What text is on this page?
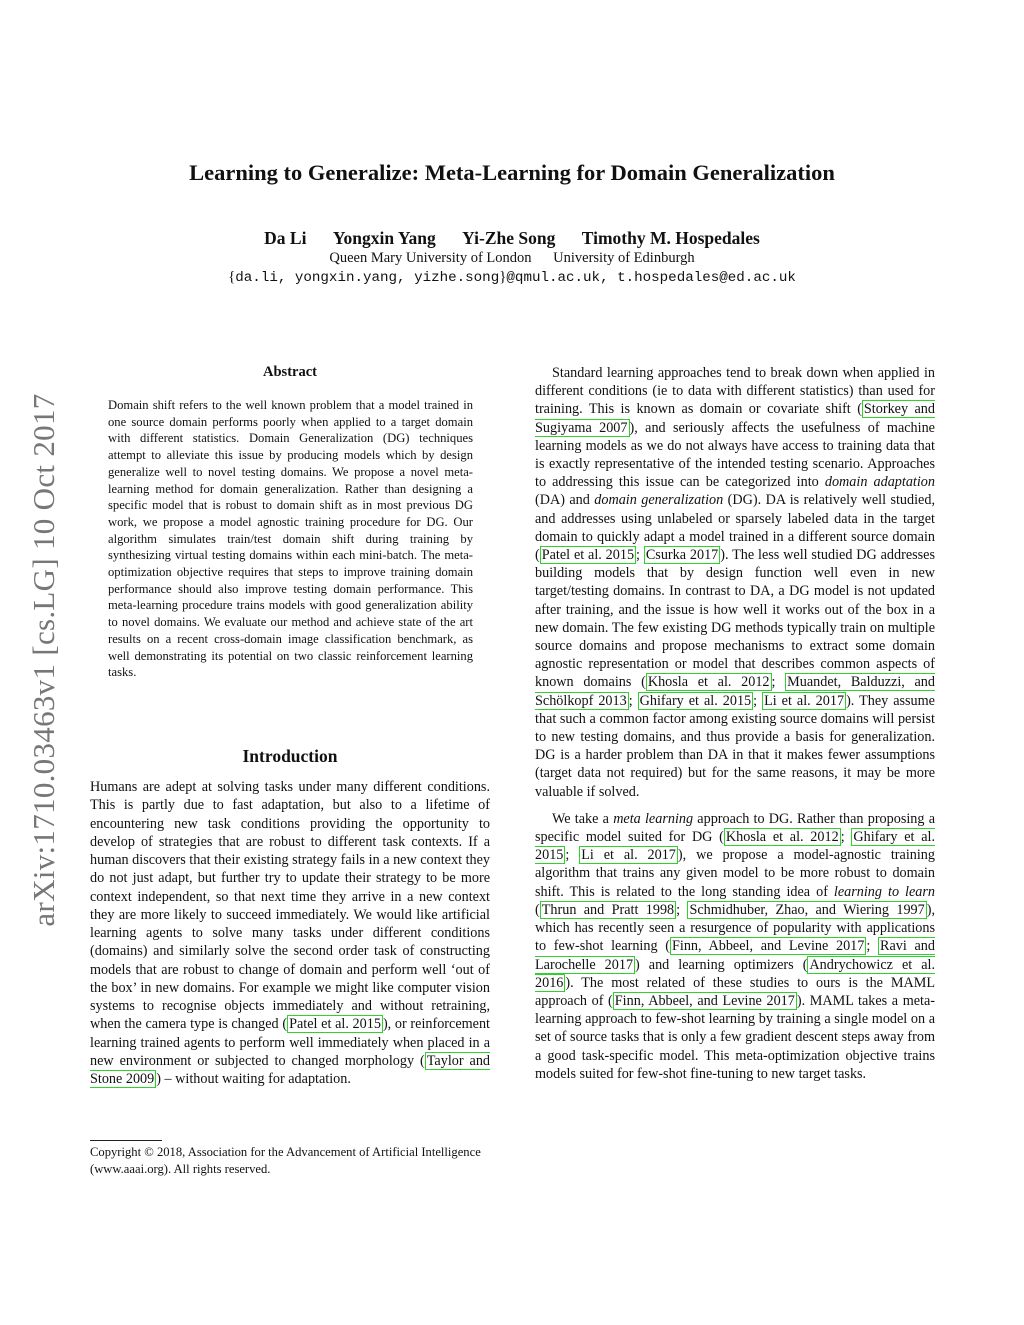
arXiv:1710.03463v1 [cs.LG] 10 Oct 2017
Learning to Generalize: Meta-Learning for Domain Generalization
Da Li Yongxin Yang Yi-Zhe Song Timothy M. Hospedales
Queen Mary University of London University of Edinburgh
{da.li, yongxin.yang, yizhe.song}@qmul.ac.uk, t.hospedales@ed.ac.uk
Abstract

Domain shift refers to the well known problem that a model trained in one source domain performs poorly when applied to a target domain with different statistics. Domain Generalization (DG) techniques attempt to alleviate this issue by producing models which by design generalize well to novel testing domains. We propose a novel meta-learning method for domain generalization. Rather than designing a specific model that is robust to domain shift as in most previous DG work, we propose a model agnostic training procedure for DG. Our algorithm simulates train/test domain shift during training by synthesizing virtual testing domains within each mini-batch. The meta-optimization objective requires that steps to improve training domain performance should also improve testing domain performance. This meta-learning procedure trains models with good generalization ability to novel domains. We evaluate our method and achieve state of the art results on a recent cross-domain image classification benchmark, as well demonstrating its potential on two classic reinforcement learning tasks.

Introduction

Humans are adept at solving tasks under many different conditions. This is partly due to fast adaptation, but also to a lifetime of encountering new task conditions providing the opportunity to develop of strategies that are robust to different task contexts. If a human discovers that their existing strategy fails in a new context they do not just adapt, but further try to update their strategy to be more context independent, so that next time they arrive in a new context they are more likely to succeed immediately. We would like artificial learning agents to solve many tasks under different conditions (domains) and similarly solve the second order task of constructing models that are robust to change of domain and perform well ‘out of the box’ in new domains. For example we might like computer vision systems to recognise objects immediately and without retraining, when the camera type is changed ( Patel et al. 2015 ), or reinforcement learning trained agents to perform well immediately when placed in a new environment or subjected to changed morphology ( Taylor and Stone 2009 ) – without waiting for adaptation.

Copyright © 2018, Association for the Advancement of Artificial Intelligence (www.aaai.org). All rights reserved.

Standard learning approaches tend to break down when applied in different conditions (ie to data with different statistics) than used for training. This is known as domain or covariate shift ( Storkey and Sugiyama 2007 ), and seriously affects the usefulness of machine learning models as we do not always have access to training data that is exactly representative of the intended testing scenario. Approaches to addressing this issue can be categorized into domain adaptation (DA) and domain generalization (DG). DA is relatively well studied, and addresses using unlabeled or sparsely labeled data in the target domain to quickly adapt a model trained in a different source domain ( Patel et al. 2015 ; Csurka 2017 ). The less well studied DG addresses building models that by design function well even in new target/testing domains. In contrast to DA, a DG model is not updated after training, and the issue is how well it works out of the box in a new domain. The few existing DG methods typically train on multiple source domains and propose mechanisms to extract some domain agnostic representation or model that describes common aspects of known domains ( Khosla et al. 2012 ; Muandet, Balduzzi, and Schölkopf 2013 ; Ghifary et al. 2015 ; Li et al. 2017 ). They assume that such a common factor among existing source domains will persist to new testing domains, and thus provide a basis for generalization. DG is a harder problem than DA in that it makes fewer assumptions (target data not required) but for the same reasons, it may be more valuable if solved.

We take a meta learning approach to DG. Rather than proposing a specific model suited for DG ( Khosla et al. 2012 ; Ghifary et al. 2015 ; Li et al. 2017 ), we propose a model-agnostic training algorithm that trains any given model to be more robust to domain shift. This is related to the long standing idea of learning to learn ( Thrun and Pratt 1998 ; Schmidhuber, Zhao, and Wiering 1997 ), which has recently seen a resurgence of popularity with applications to few-shot learning ( Finn, Abbeel, and Levine 2017 ; Ravi and Larochelle 2017 ) and learning optimizers ( Andrychowicz et al. 2016 ). The most related of these studies to ours is the MAML approach of ( Finn, Abbeel, and Levine 2017 ). MAML takes a meta-learning approach to few-shot learning by training a single model on a set of source tasks that is only a few gradient descent steps away from a good task-specific model. This meta-optimization objective trains models suited for few-shot fine-tuning to new target tasks.
